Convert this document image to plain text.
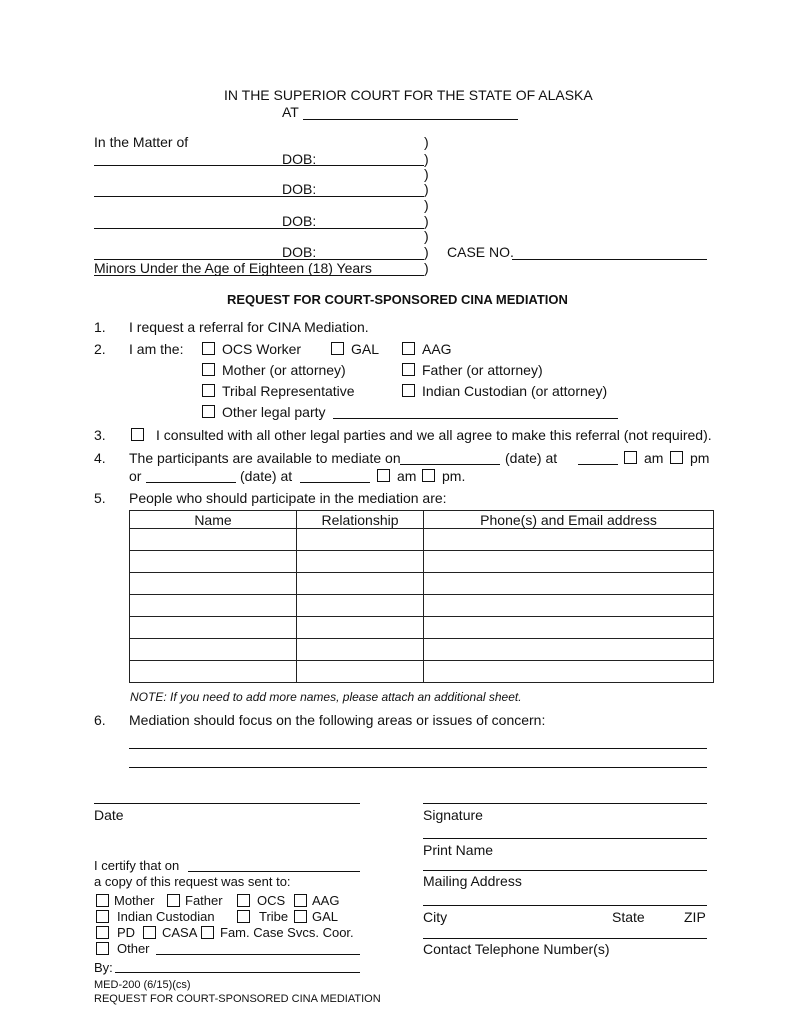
IN THE SUPERIOR COURT FOR THE STATE OF ALASKA
AT
In the Matter of	)
DOB:	)
)
DOB:	)
)
DOB:	)
)
DOB:	) CASE NO.
Minors Under the Age of Eighteen (18) Years	)
REQUEST FOR COURT-SPONSORED CINA MEDIATION
1. I request a referral for CINA Mediation.
2. I am the:	OCS Worker	GAL	AAG
Mother (or attorney)	Father (or attorney)
Tribal Representative	Indian Custodian (or attorney)
Other legal party
3.	I consulted with all other legal parties and we all agree to make this referral (not required).
4. The participants are available to mediate on	(date) at	am pm
or	(date) at	am pm.
5. People who should participate in the mediation are:
Name	Relationship	Phone(s) and Email address

NOTE: If you need to add more names, please attach an additional sheet.
6. Mediation should focus on the following areas or issues of concern:
Date	Signature
Print Name
Mailing Address
City	State	ZIP
Contact Telephone Number(s)
I certify that on
a copy of this request was sent to:
Mother Father	OCS AAG
Indian Custodian	Tribe GAL
PD CASA Fam. Case Svcs. Coor.
Other
By:
MED-200 (6/15)(cs)
REQUEST FOR COURT-SPONSORED CINA MEDIATION
